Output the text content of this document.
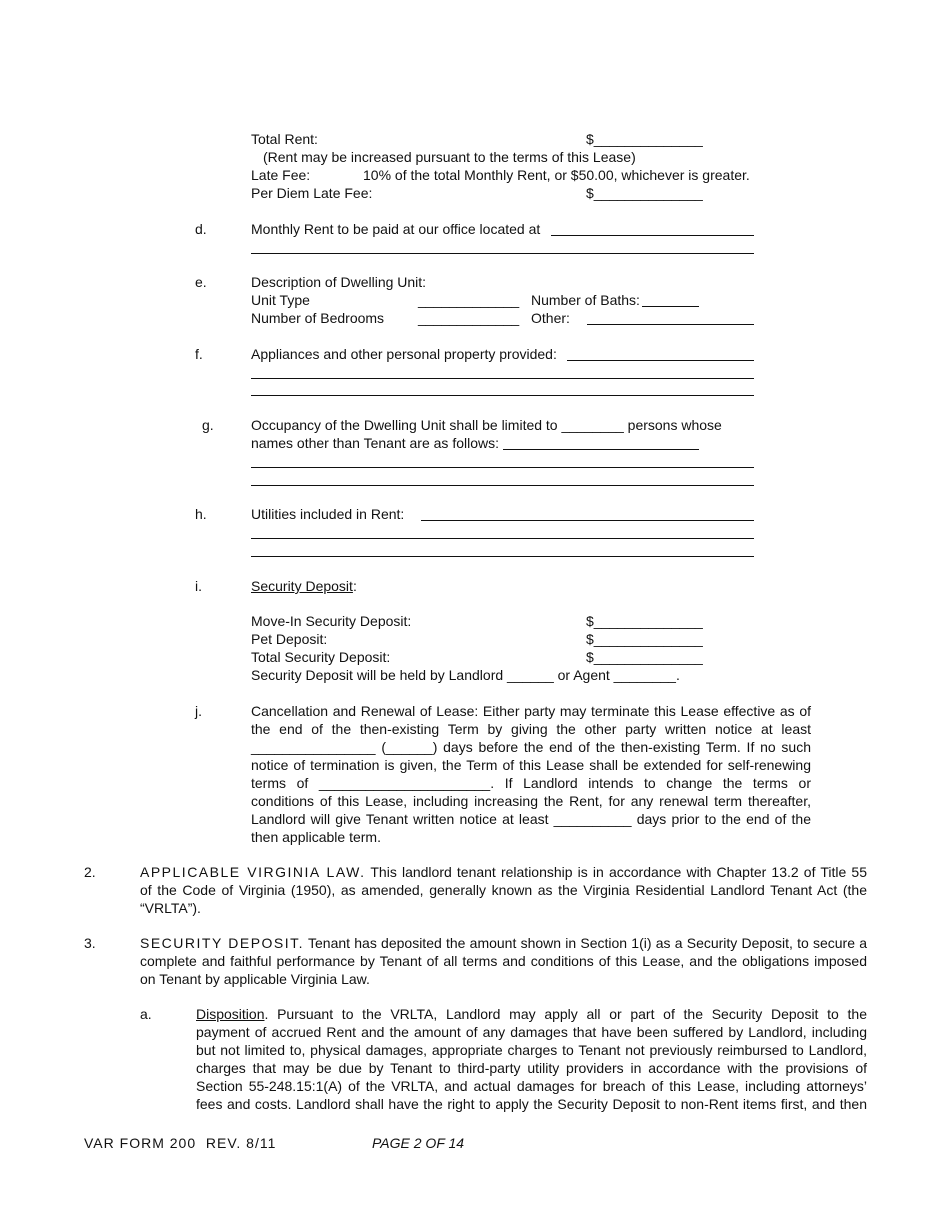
Total Rent:	$______________
(Rent may be increased pursuant to the terms of this Lease)
Late Fee:	10% of the total Monthly Rent, or $50.00, whichever is greater.
Per Diem Late Fee:	$______________
d.	Monthly Rent to be paid at our office located at
e.	Description of Dwelling Unit:
Unit Type	_____________ Number of Baths:
Number of Bedrooms _____________ Other:
f.	Appliances and other personal property provided:
g.	Occupancy of the Dwelling Unit shall be limited to ________ persons whose
names other than Tenant are as follows:
h.	Utilities included in Rent:
i.	Security Deposit:
Move-In Security Deposit:	$______________
Pet Deposit:	$______________
Total Security Deposit:	$______________
Security Deposit will be held by Landlord ______ or Agent ________.
j.	Cancellation and Renewal of Lease: Either party may terminate this Lease effective as of
the end of the then-existing Term by giving the other party written notice at least
________________ (______) days before the end of the then-existing Term. If no such
notice of termination is given, the Term of this Lease shall be extended for self-renewing
terms of ______________________. If Landlord intends to change the terms or
conditions of this Lease, including increasing the Rent, for any renewal term thereafter,
Landlord will give Tenant written notice at least __________ days prior to the end of the
then applicable term.
2.	APPLICABLE VIRGINIA LAW. This landlord tenant relationship is in accordance with Chapter 13.2 of Title 55
of the Code of Virginia (1950), as amended, generally known as the Virginia Residential Landlord Tenant Act (the
“VRLTA”).
3.	SECURITY DEPOSIT. Tenant has deposited the amount shown in Section 1(i) as a Security Deposit, to secure a
complete and faithful performance by Tenant of all terms and conditions of this Lease, and the obligations imposed
on Tenant by applicable Virginia Law.
a.	Disposition. Pursuant to the VRLTA, Landlord may apply all or part of the Security Deposit to the
payment of accrued Rent and the amount of any damages that have been suffered by Landlord, including
but not limited to, physical damages, appropriate charges to Tenant not previously reimbursed to Landlord,
charges that may be due by Tenant to third-party utility providers in accordance with the provisions of
Section 55-248.15:1(A) of the VRLTA, and actual damages for breach of this Lease, including attorneys’
fees and costs. Landlord shall have the right to apply the Security Deposit to non-Rent items first, and then
VAR FORM 200  REV. 8/11	PAGE 2 OF 14
